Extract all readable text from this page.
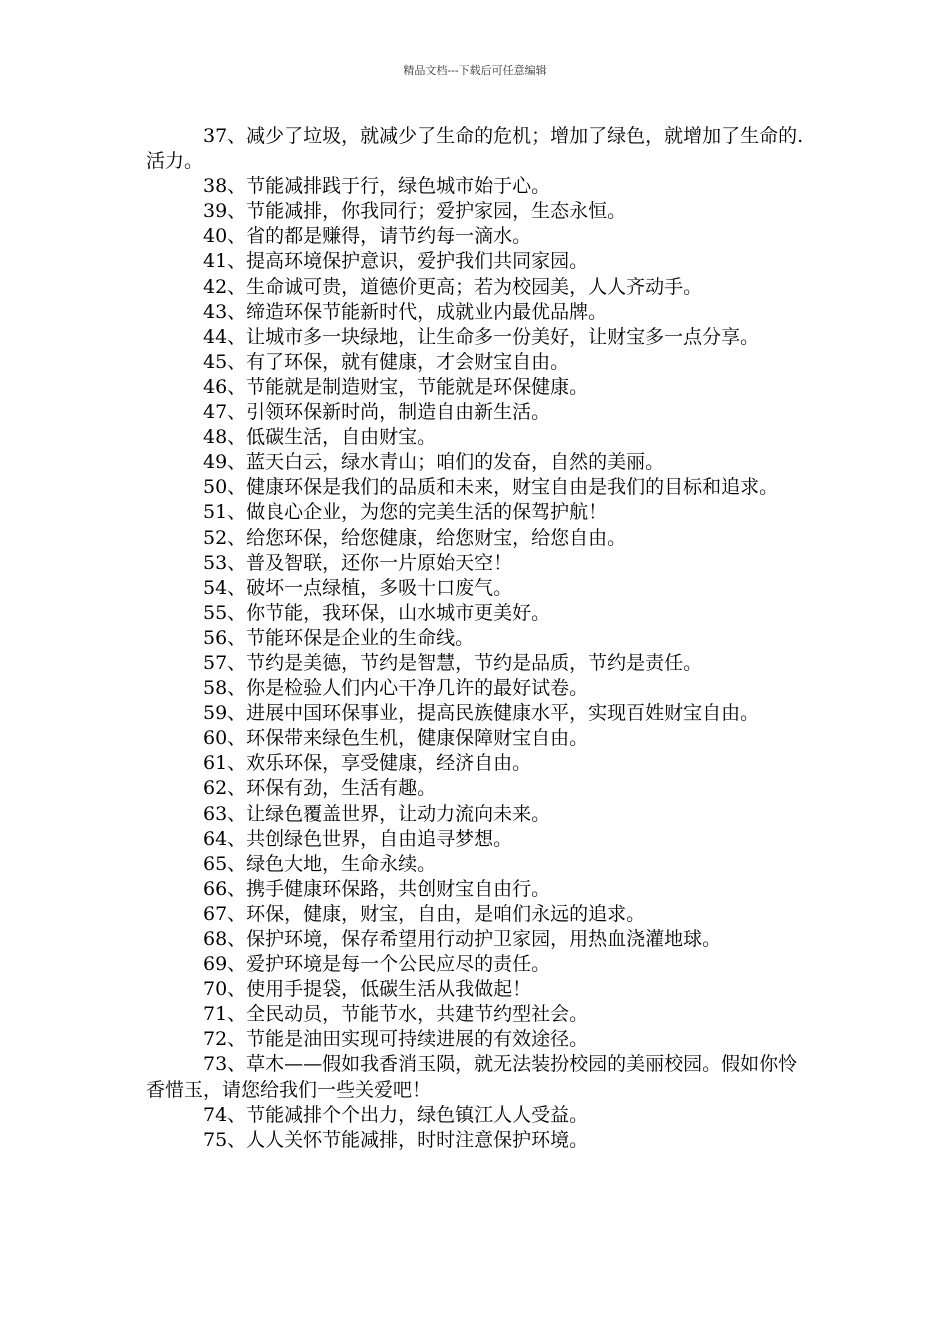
精品文档---下载后可任意编辑

37、减少了垃圾，就减少了生命的危机；增加了绿色，就增加了生命的.活力。

38、节能减排践于行，绿色城市始于心。

39、节能减排，你我同行；爱护家园，生态永恒。

40、省的都是赚得，请节约每一滴水。

41、提高环境保护意识，爱护我们共同家园。

42、生命诚可贵，道德价更高；若为校园美，人人齐动手。

43、缔造环保节能新时代，成就业内最优品牌。

44、让城市多一块绿地，让生命多一份美好，让财宝多一点分享。

45、有了环保，就有健康，才会财宝自由。

46、节能就是制造财宝，节能就是环保健康。

47、引领环保新时尚，制造自由新生活。

48、低碳生活，自由财宝。

49、蓝天白云，绿水青山；咱们的发奋，自然的美丽。

50、健康环保是我们的品质和未来，财宝自由是我们的目标和追求。

51、做良心企业，为您的完美生活的保驾护航！

52、给您环保，给您健康，给您财宝，给您自由。

53、普及智联，还你一片原始天空！

54、破坏一点绿植，多吸十口废气。

55、你节能，我环保，山水城市更美好。

56、节能环保是企业的生命线。

57、节约是美德，节约是智慧，节约是品质，节约是责任。

58、你是检验人们内心干净几许的最好试卷。

59、进展中国环保事业，提高民族健康水平，实现百姓财宝自由。

60、环保带来绿色生机，健康保障财宝自由。

61、欢乐环保，享受健康，经济自由。

62、环保有劲，生活有趣。

63、让绿色覆盖世界，让动力流向未来。

64、共创绿色世界，自由追寻梦想。

65、绿色大地，生命永续。

66、携手健康环保路，共创财宝自由行。

67、环保，健康，财宝，自由，是咱们永远的追求。

68、保护环境，保存希望用行动护卫家园，用热血浇灌地球。

69、爱护环境是每一个公民应尽的责任。

70、使用手提袋，低碳生活从我做起！

71、全民动员，节能节水，共建节约型社会。

72、节能是油田实现可持续进展的有效途径。

73、草木——假如我香消玉陨，就无法装扮校园的美丽校园。假如你怜香惜玉，请您给我们一些关爱吧！

74、节能减排个个出力，绿色镇江人人受益。

75、人人关怀节能减排，时时注意保护环境。
